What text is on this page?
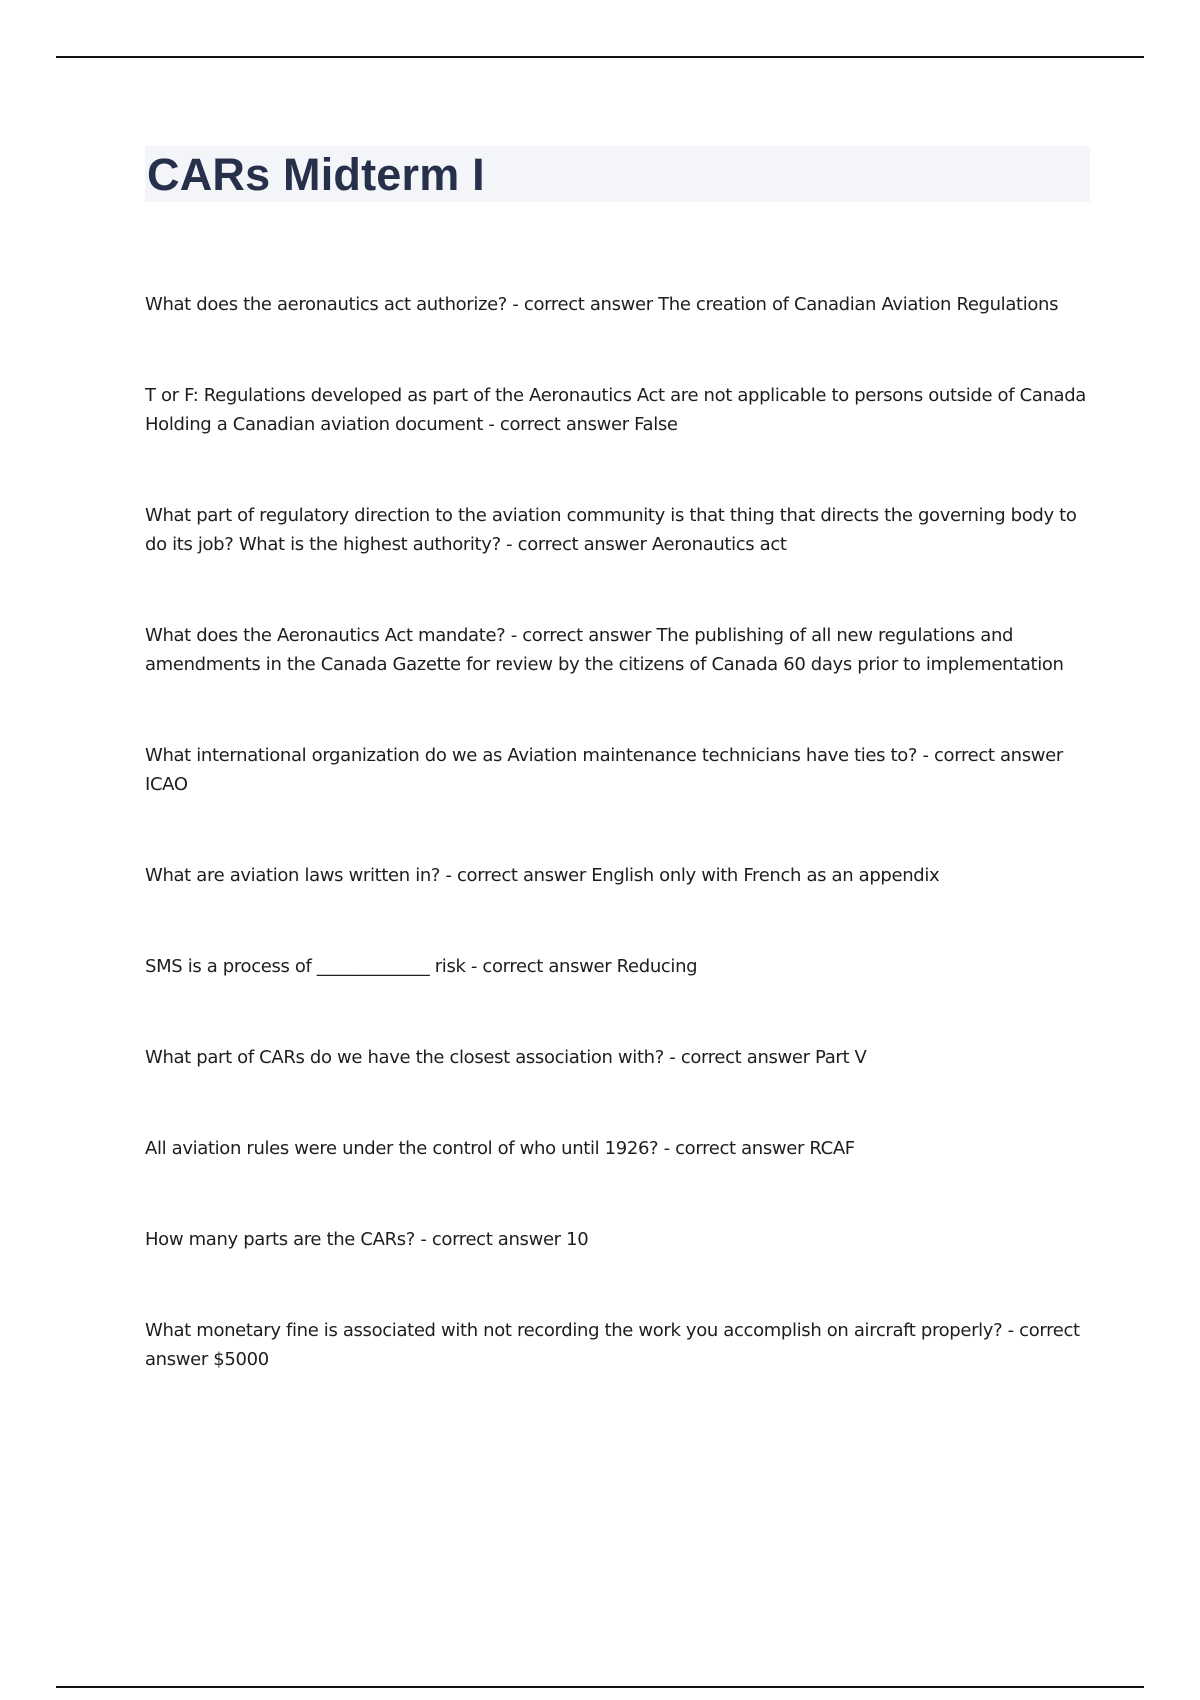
CARs Midterm I

What does the aeronautics act authorize? - correct answer The creation of Canadian Aviation Regulations

T or F: Regulations developed as part of the Aeronautics Act are not applicable to persons outside of Canada Holding a Canadian aviation document - correct answer False

What part of regulatory direction to the aviation community is that thing that directs the governing body to do its job? What is the highest authority? - correct answer Aeronautics act

What does the Aeronautics Act mandate? - correct answer The publishing of all new regulations and amendments in the Canada Gazette for review by the citizens of Canada 60 days prior to implementation

What international organization do we as Aviation maintenance technicians have ties to? - correct answer ICAO

What are aviation laws written in? - correct answer English only with French as an appendix

SMS is a process of _____________ risk - correct answer Reducing

What part of CARs do we have the closest association with? - correct answer Part V

All aviation rules were under the control of who until 1926? - correct answer RCAF

How many parts are the CARs? - correct answer 10

What monetary fine is associated with not recording the work you accomplish on aircraft properly? - correct answer $5000
